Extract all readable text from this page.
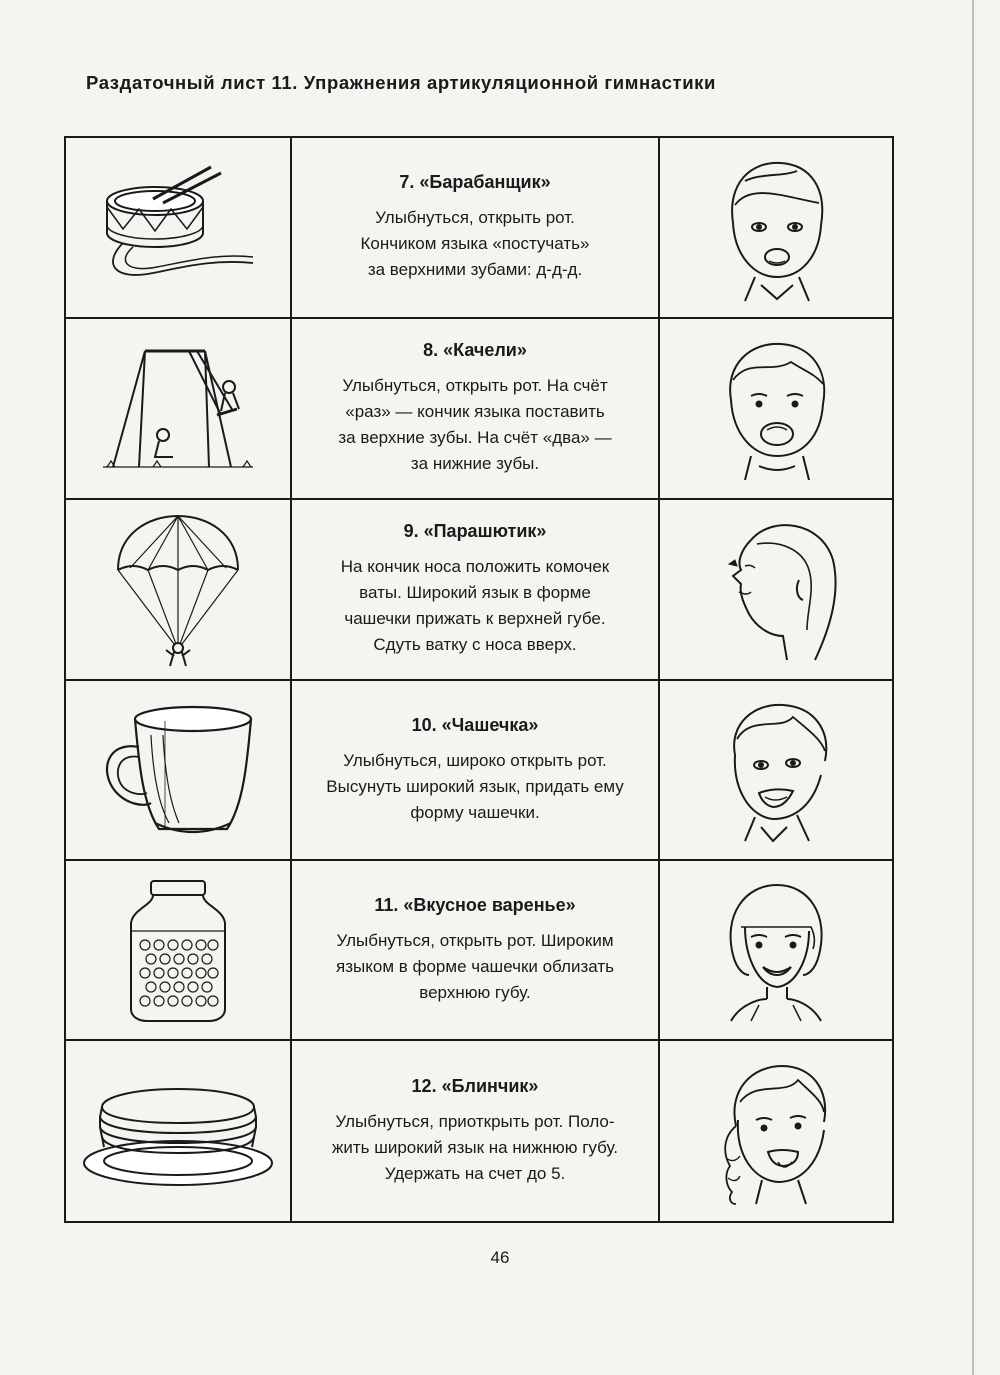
Раздаточный лист 11. Упражнения артикуляционной гимнастики
7. «Барабанщик»
Улыбнуться, открыть рот.
Кончиком языка «постучать»
за верхними зубами: д-д-д.
8. «Качели»
Улыбнуться, открыть рот. На счёт
«раз» — кончик языка поставить
за верхние зубы. На счёт «два» —
за нижние зубы.
9. «Парашютик»
На кончик носа положить комочек
ваты. Широкий язык в форме
чашечки прижать к верхней губе.
Сдуть ватку с носа вверх.
10. «Чашечка»
Улыбнуться, широко открыть рот.
Высунуть широкий язык, придать ему
форму чашечки.
11. «Вкусное варенье»
Улыбнуться, открыть рот. Широким
языком в форме чашечки облизать
верхнюю губу.
12. «Блинчик»
Улыбнуться, приоткрыть рот. Поло-
жить широкий язык на нижнюю губу.
Удержать на счет до 5.
46
